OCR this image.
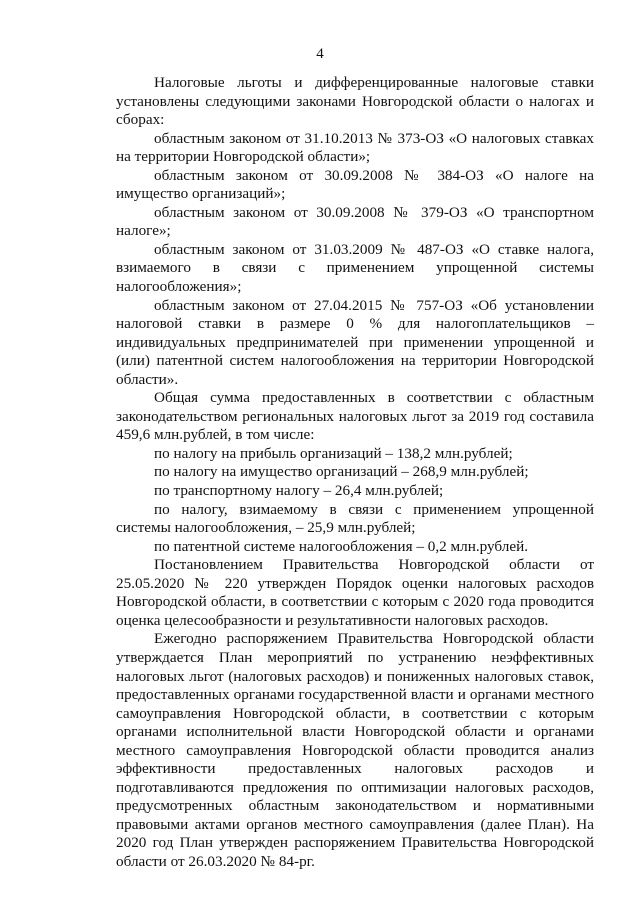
4

Налоговые льготы и дифференцированные налоговые ставки установлены следующими законами Новгородской области о налогах и сборах:

областным законом от 31.10.2013 № 373-ОЗ «О налоговых ставках на территории Новгородской области»;

областным законом от 30.09.2008 № 384-ОЗ «О налоге на имущество организаций»;

областным законом от 30.09.2008 № 379-ОЗ «О транспортном налоге»;

областным законом от 31.03.2009 № 487-ОЗ «О ставке налога, взимаемого в связи с применением упрощенной системы налогообложения»;

областным законом от 27.04.2015 № 757-ОЗ «Об установлении налоговой ставки в размере 0 % для налогоплательщиков – индивидуальных предпринимателей при применении упрощенной и (или) патентной систем налогообложения на территории Новгородской области».

Общая сумма предоставленных в соответствии с областным законодательством региональных налоговых льгот за 2019 год составила 459,6 млн.рублей, в том числе:

по налогу на прибыль организаций – 138,2 млн.рублей;

по налогу на имущество организаций – 268,9 млн.рублей;

по транспортному налогу – 26,4 млн.рублей;

по налогу, взимаемому в связи с применением упрощенной системы налогообложения, – 25,9 млн.рублей;

по патентной системе налогообложения – 0,2 млн.рублей.

Постановлением Правительства Новгородской области от 25.05.2020 № 220 утвержден Порядок оценки налоговых расходов Новгородской области, в соответствии с которым с 2020 года проводится оценка целесообразности и результативности налоговых расходов.

Ежегодно распоряжением Правительства Новгородской области утверждается План мероприятий по устранению неэффективных налоговых льгот (налоговых расходов) и пониженных налоговых ставок, предоставленных органами государственной власти и органами местного самоуправления Новгородской области, в соответствии с которым органами исполнительной власти Новгородской области и органами местного самоуправления Новгородской области проводится анализ эффективности предоставленных налоговых расходов и подготавливаются предложения по оптимизации налоговых расходов, предусмотренных областным законодательством и нормативными правовыми актами органов местного самоуправления (далее План). На 2020 год План утвержден распоряжением Правительства Новгородской области от 26.03.2020 № 84-рг.
